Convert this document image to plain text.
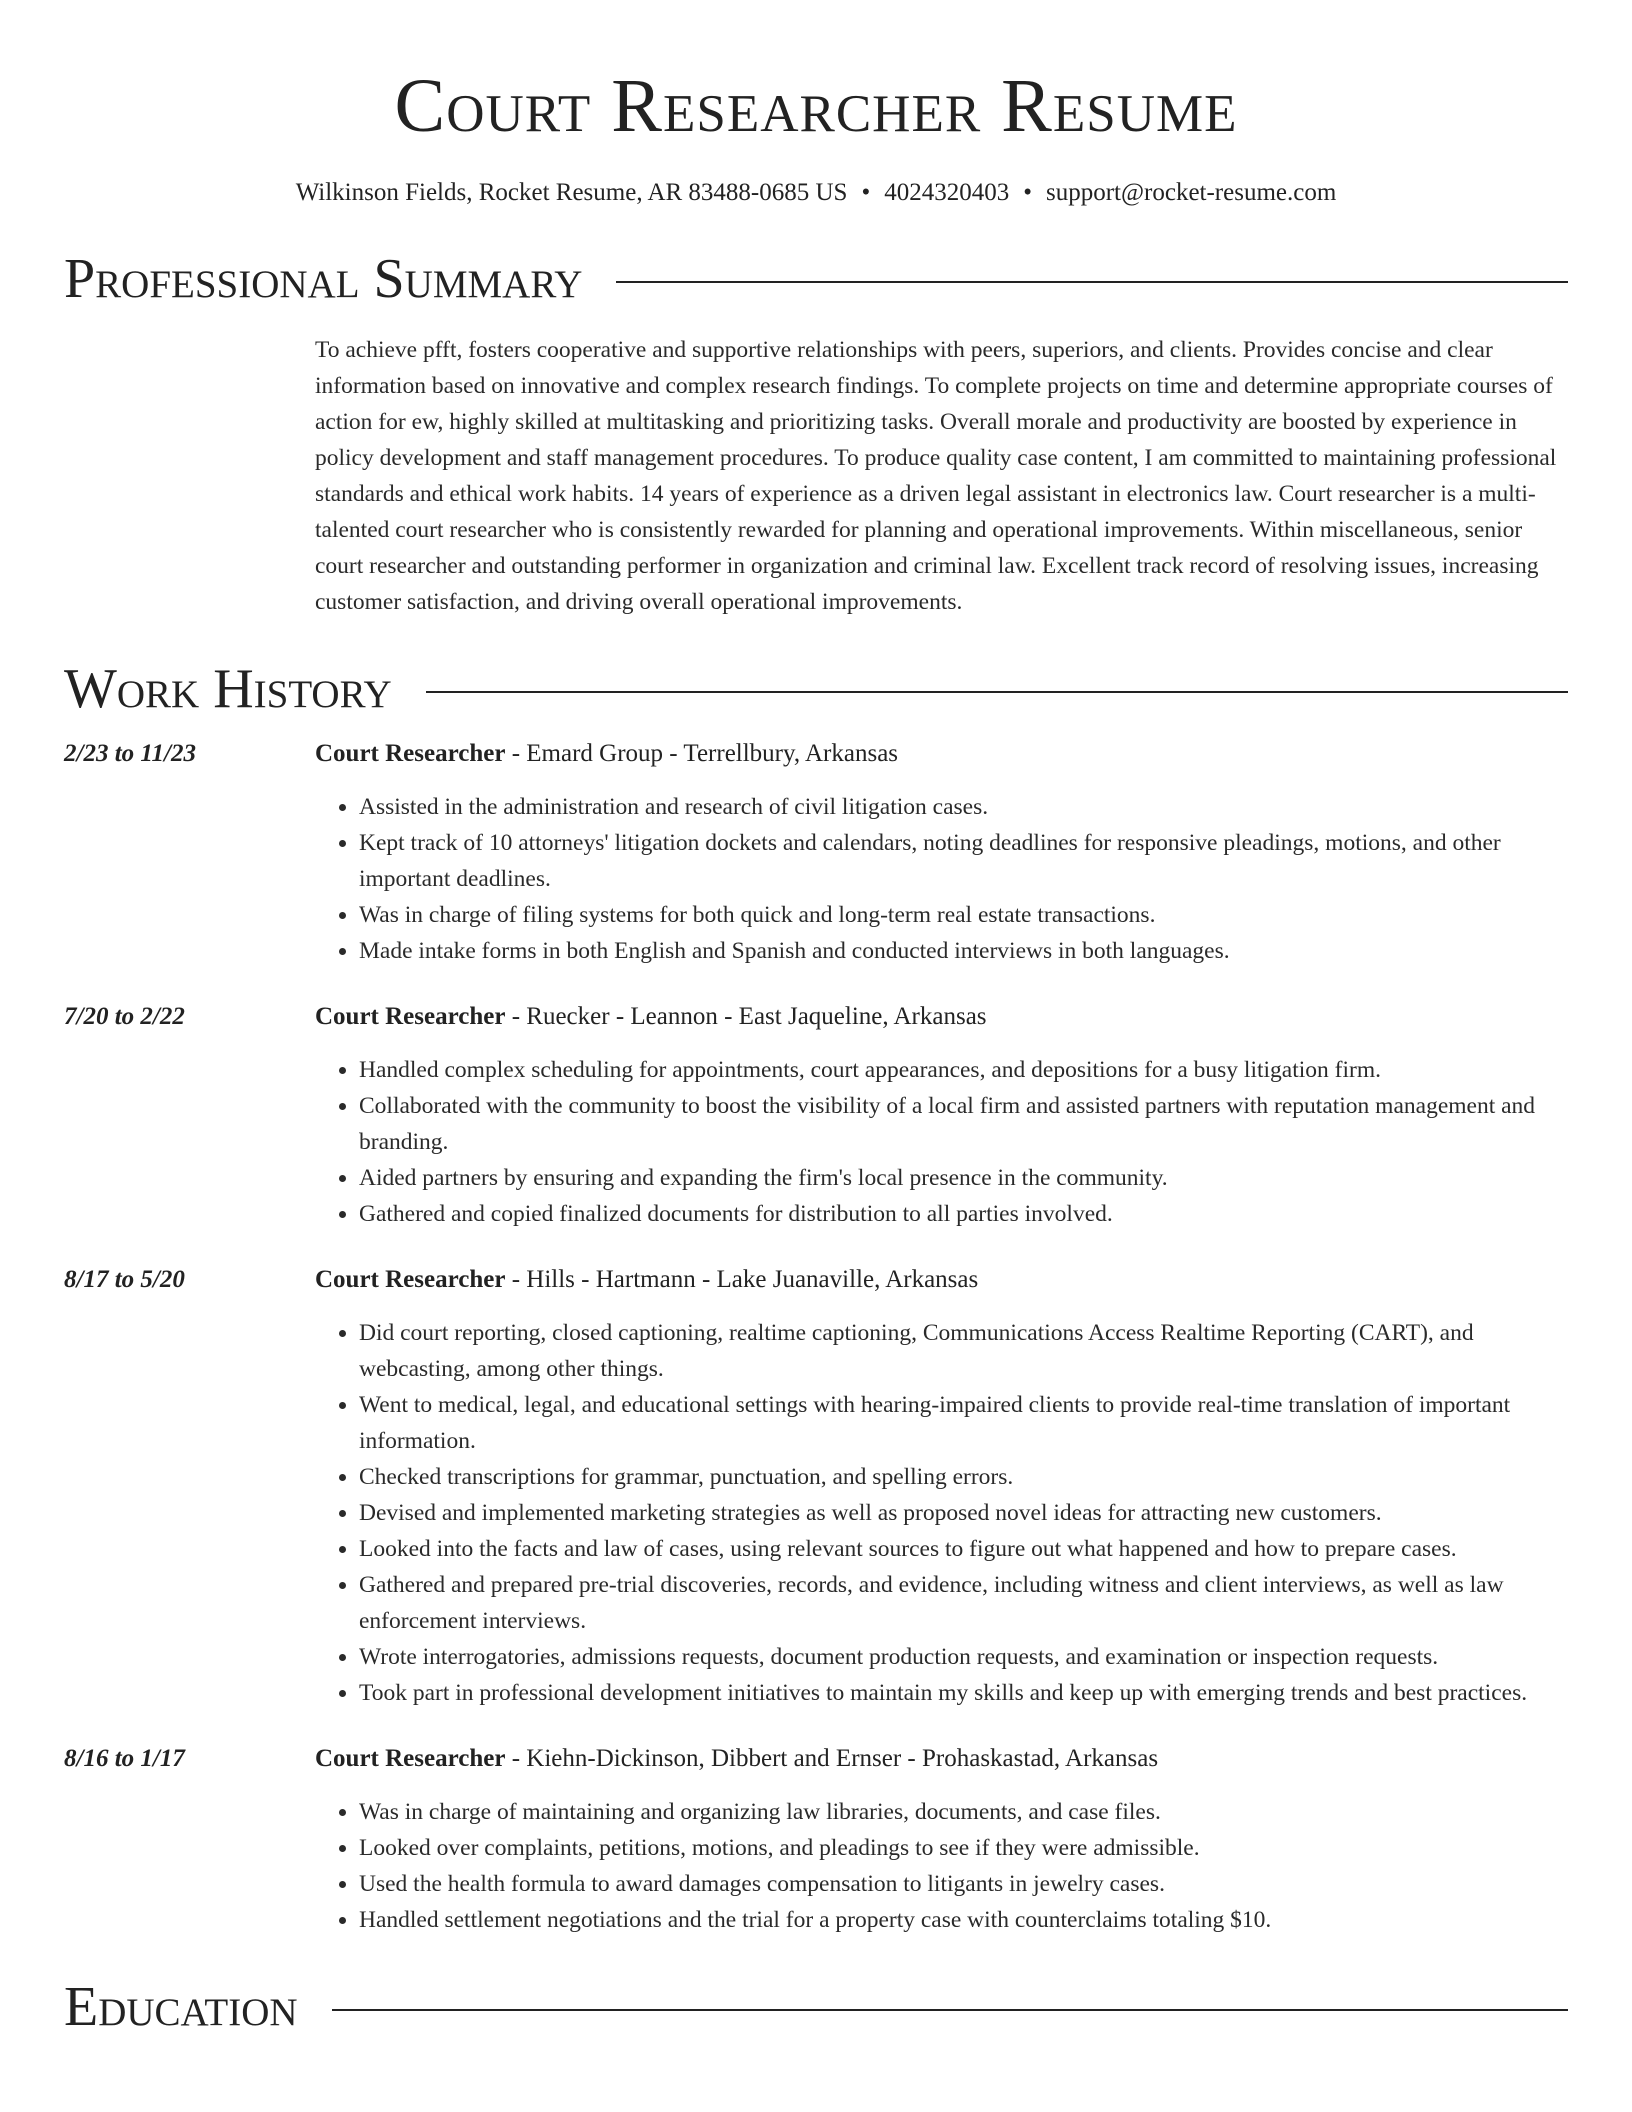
Court Researcher Resume
Wilkinson Fields, Rocket Resume, AR 83488-0685 US • 4024320403 • support@rocket-resume.com
Professional Summary
To achieve pfft, fosters cooperative and supportive relationships with peers, superiors, and clients. Provides concise and clear information based on innovative and complex research findings. To complete projects on time and determine appropriate courses of action for ew, highly skilled at multitasking and prioritizing tasks. Overall morale and productivity are boosted by experience in policy development and staff management procedures. To produce quality case content, I am committed to maintaining professional standards and ethical work habits. 14 years of experience as a driven legal assistant in electronics law. Court researcher is a multi-talented court researcher who is consistently rewarded for planning and operational improvements. Within miscellaneous, senior court researcher and outstanding performer in organization and criminal law. Excellent track record of resolving issues, increasing customer satisfaction, and driving overall operational improvements.
Work History
2/23 to 11/23	Court Researcher - Emard Group - Terrellbury, Arkansas
• Assisted in the administration and research of civil litigation cases.
• Kept track of 10 attorneys' litigation dockets and calendars, noting deadlines for responsive pleadings, motions, and other important deadlines.
• Was in charge of filing systems for both quick and long-term real estate transactions.
• Made intake forms in both English and Spanish and conducted interviews in both languages.
7/20 to 2/22	Court Researcher - Ruecker - Leannon - East Jaqueline, Arkansas
• Handled complex scheduling for appointments, court appearances, and depositions for a busy litigation firm.
• Collaborated with the community to boost the visibility of a local firm and assisted partners with reputation management and branding.
• Aided partners by ensuring and expanding the firm's local presence in the community.
• Gathered and copied finalized documents for distribution to all parties involved.
8/17 to 5/20	Court Researcher - Hills - Hartmann - Lake Juanaville, Arkansas
• Did court reporting, closed captioning, realtime captioning, Communications Access Realtime Reporting (CART), and webcasting, among other things.
• Went to medical, legal, and educational settings with hearing-impaired clients to provide real-time translation of important information.
• Checked transcriptions for grammar, punctuation, and spelling errors.
• Devised and implemented marketing strategies as well as proposed novel ideas for attracting new customers.
• Looked into the facts and law of cases, using relevant sources to figure out what happened and how to prepare cases.
• Gathered and prepared pre-trial discoveries, records, and evidence, including witness and client interviews, as well as law enforcement interviews.
• Wrote interrogatories, admissions requests, document production requests, and examination or inspection requests.
• Took part in professional development initiatives to maintain my skills and keep up with emerging trends and best practices.
8/16 to 1/17	Court Researcher - Kiehn-Dickinson, Dibbert and Ernser - Prohaskastad, Arkansas
• Was in charge of maintaining and organizing law libraries, documents, and case files.
• Looked over complaints, petitions, motions, and pleadings to see if they were admissible.
• Used the health formula to award damages compensation to litigants in jewelry cases.
• Handled settlement negotiations and the trial for a property case with counterclaims totaling $10.
Education
